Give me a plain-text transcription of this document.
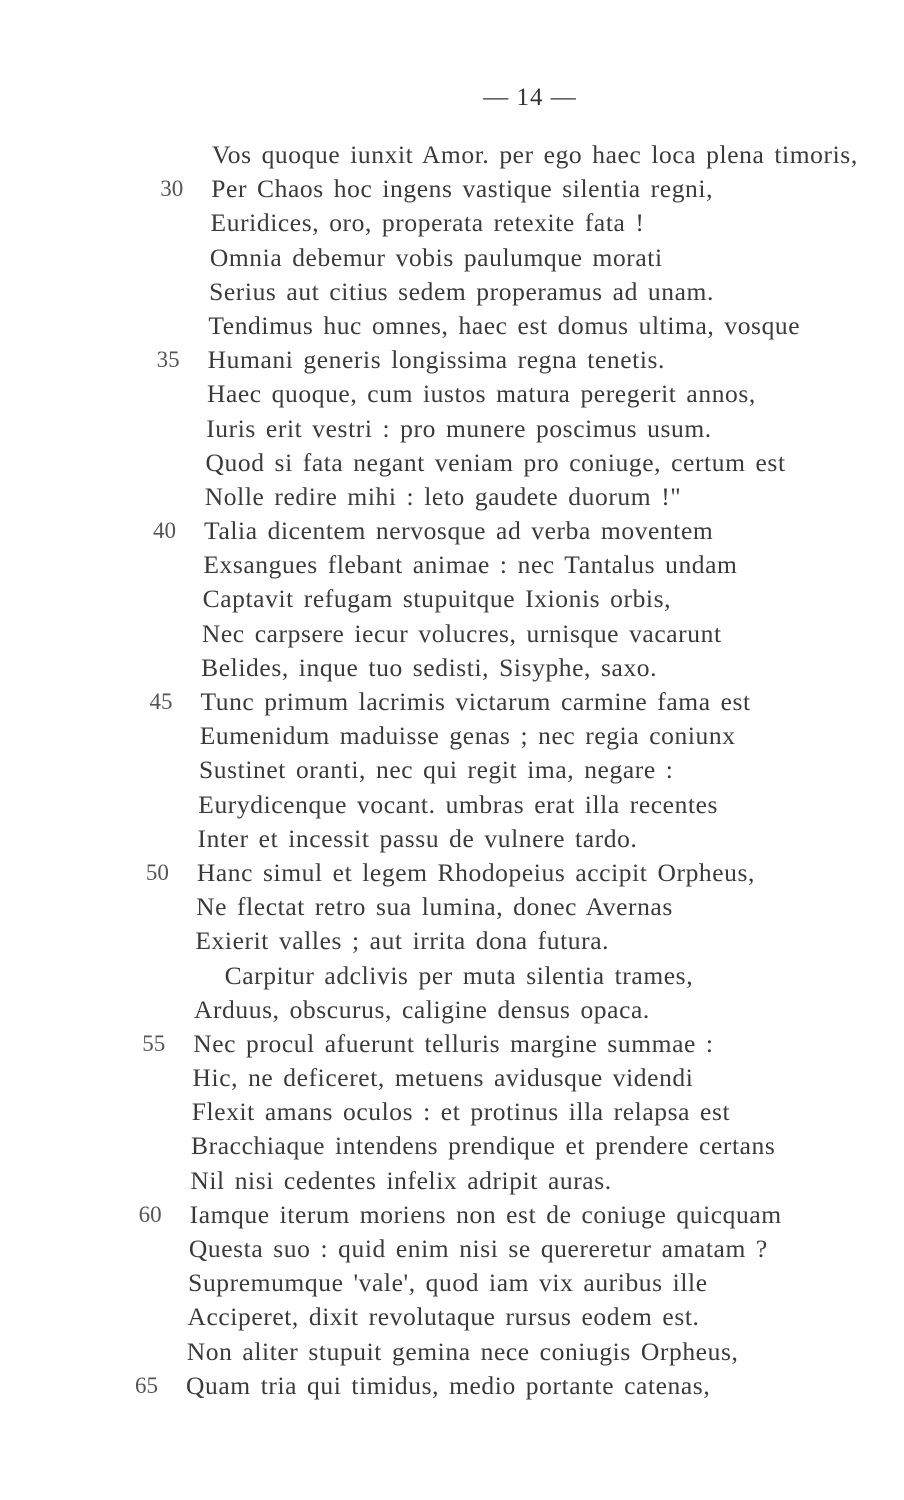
— 14 —
Vos quoque iunxit Amor. per ego haec loca plena timoris,
30 Per Chaos hoc ingens vastique silentia regni,
Euridices, oro, properata retexite fata !
Omnia debemur vobis paulumque morati
Serius aut citius sedem properamus ad unam.
Tendimus huc omnes, haec est domus ultima, vosque
35 Humani generis longissima regna tenetis.
Haec quoque, cum iustos matura peregerit annos,
Iuris erit vestri : pro munere poscimus usum.
Quod si fata negant veniam pro coniuge, certum est
Nolle redire mihi : leto gaudete duorum !"
40 Talia dicentem nervosque ad verba moventem
Exsangues flebant animae : nec Tantalus undam
Captavit refugam stupuitque Ixionis orbis,
Nec carpsere iecur volucres, urnisque vacarunt
Belides, inque tuo sedisti, Sisyphe, saxo.
45 Tunc primum lacrimis victarum carmine fama est
Eumenidum maduisse genas ; nec regia coniunx
Sustinet oranti, nec qui regit ima, negare :
Eurydicenque vocant. umbras erat illa recentes
Inter et incessit passu de vulnere tardo.
50 Hanc simul et legem Rhodopeius accipit Orpheus,
Ne flectat retro sua lumina, donec Avernas
Exierit valles ; aut irrita dona futura.
Carpitur adclivis per muta silentia trames,
Arduus, obscurus, caligine densus opaca.
55 Nec procul afuerunt telluris margine summae :
Hic, ne deficeret, metuens avidusque videndi
Flexit amans oculos : et protinus illa relapsa est
Bracchiaque intendens prendique et prendere certans
Nil nisi cedentes infelix adripit auras.
60 Iamque iterum moriens non est de coniuge quicquam
Questa suo : quid enim nisi se quereretur amatam ?
Supremumque 'vale', quod iam vix auribus ille
Acciperet, dixit revolutaque rursus eodem est.
Non aliter stupuit gemina nece coniugis Orpheus,
65 Quam tria qui timidus, medio portante catenas,
